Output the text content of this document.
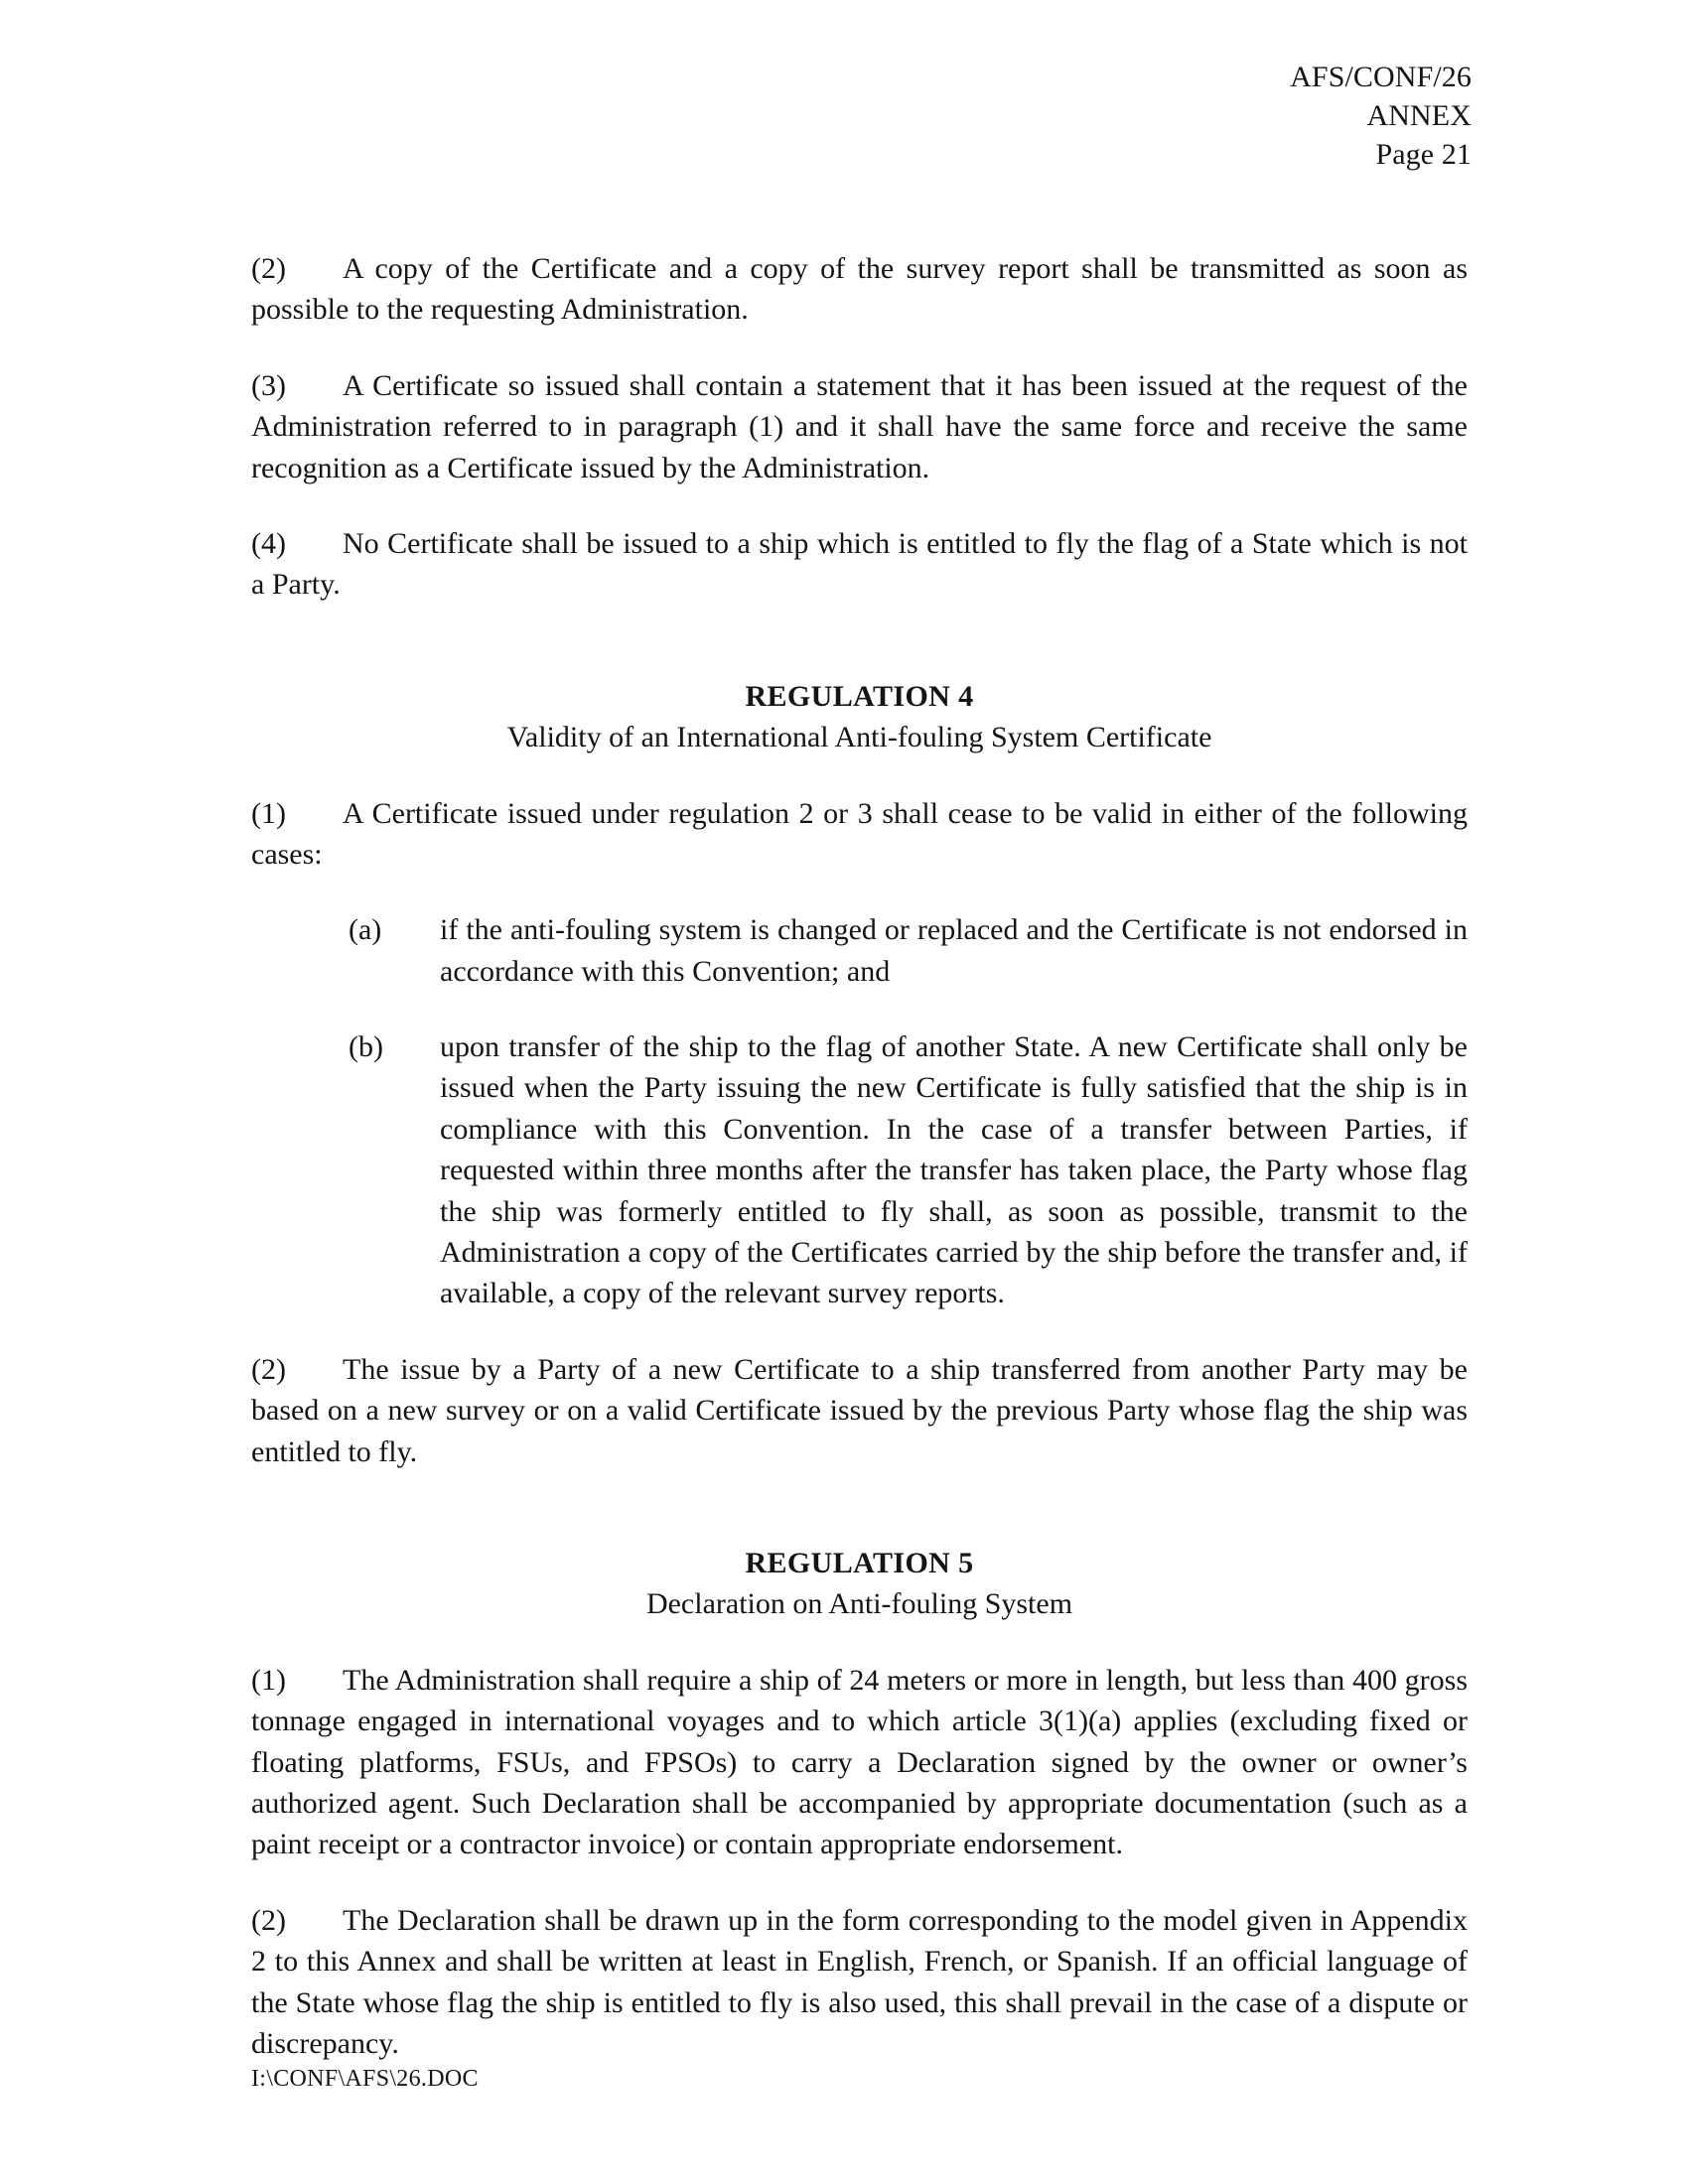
AFS/CONF/26
ANNEX
Page 21

(2) A copy of the Certificate and a copy of the survey report shall be transmitted as soon as possible to the requesting Administration.

(3) A Certificate so issued shall contain a statement that it has been issued at the request of the Administration referred to in paragraph (1) and it shall have the same force and receive the same recognition as a Certificate issued by the Administration.

(4) No Certificate shall be issued to a ship which is entitled to fly the flag of a State which is not a Party.

REGULATION 4
Validity of an International Anti-fouling System Certificate

(1) A Certificate issued under regulation 2 or 3 shall cease to be valid in either of the following cases:

(a)	if the anti-fouling system is changed or replaced and the Certificate is not endorsed in accordance with this Convention; and
(b)	upon transfer of the ship to the flag of another State. A new Certificate shall only be issued when the Party issuing the new Certificate is fully satisfied that the ship is in compliance with this Convention. In the case of a transfer between Parties, if requested within three months after the transfer has taken place, the Party whose flag the ship was formerly entitled to fly shall, as soon as possible, transmit to the Administration a copy of the Certificates carried by the ship before the transfer and, if available, a copy of the relevant survey reports.

(2) The issue by a Party of a new Certificate to a ship transferred from another Party may be based on a new survey or on a valid Certificate issued by the previous Party whose flag the ship was entitled to fly.

REGULATION 5
Declaration on Anti-fouling System

(1) The Administration shall require a ship of 24 meters or more in length, but less than 400 gross tonnage engaged in international voyages and to which article 3(1)(a) applies (excluding fixed or floating platforms, FSUs, and FPSOs) to carry a Declaration signed by the owner or owner’s authorized agent. Such Declaration shall be accompanied by appropriate documentation (such as a paint receipt or a contractor invoice) or contain appropriate endorsement.

(2) The Declaration shall be drawn up in the form corresponding to the model given in Appendix 2 to this Annex and shall be written at least in English, French, or Spanish. If an official language of the State whose flag the ship is entitled to fly is also used, this shall prevail in the case of a dispute or discrepancy.

I:\CONF\AFS\26.DOC
